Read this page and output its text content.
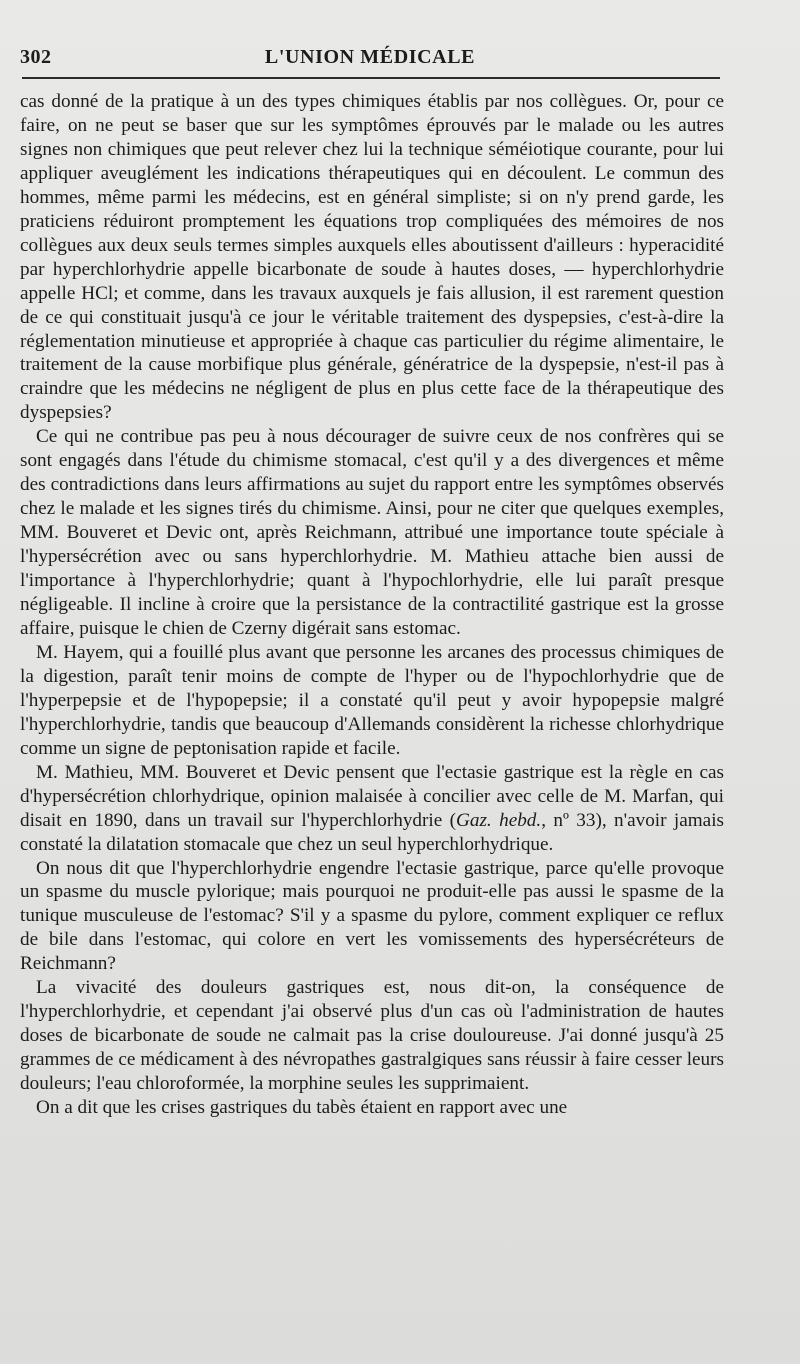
302	L'UNION MÉDICALE

cas donné de la pratique à un des types chimiques établis par nos collègues. Or, pour ce faire, on ne peut se baser que sur les symptômes éprouvés par le malade ou les autres signes non chimiques que peut relever chez lui la technique séméiotique courante, pour lui appliquer aveuglément les indications thérapeutiques qui en découlent. Le commun des hommes, même parmi les médecins, est en général simpliste; si on n'y prend garde, les praticiens réduiront promptement les équations trop compliquées des mémoires de nos collègues aux deux seuls termes simples auxquels elles aboutissent d'ailleurs : hyperacidité par hyperchlorhydrie appelle bicarbonate de soude à hautes doses, — hyperchlorhydrie appelle HCl; et comme, dans les travaux auxquels je fais allusion, il est rarement question de ce qui constituait jusqu'à ce jour le véritable traitement des dyspepsies, c'est-à-dire la réglementation minutieuse et appropriée à chaque cas particulier du régime alimentaire, le traitement de la cause morbifique plus générale, génératrice de la dyspepsie, n'est-il pas à craindre que les médecins ne négligent de plus en plus cette face de la thérapeutique des dyspepsies?

Ce qui ne contribue pas peu à nous décourager de suivre ceux de nos confrères qui se sont engagés dans l'étude du chimisme stomacal, c'est qu'il y a des divergences et même des contradictions dans leurs affirmations au sujet du rapport entre les symptômes observés chez le malade et les signes tirés du chimisme. Ainsi, pour ne citer que quelques exemples, MM. Bouveret et Devic ont, après Reichmann, attribué une importance toute spéciale à l'hypersécrétion avec ou sans hyperchlorhydrie. M. Mathieu attache bien aussi de l'importance à l'hyperchlorhydrie; quant à l'hypochlorhydrie, elle lui paraît presque négligeable. Il incline à croire que la persistance de la contractilité gastrique est la grosse affaire, puisque le chien de Czerny digérait sans estomac.

M. Hayem, qui a fouillé plus avant que personne les arcanes des processus chimiques de la digestion, paraît tenir moins de compte de l'hyper ou de l'hypochlorhydrie que de l'hyperpepsie et de l'hypopepsie; il a constaté qu'il peut y avoir hypopepsie malgré l'hyperchlorhydrie, tandis que beaucoup d'Allemands considèrent la richesse chlorhydrique comme un signe de peptonisation rapide et facile.

M. Mathieu, MM. Bouveret et Devic pensent que l'ectasie gastrique est la règle en cas d'hypersécrétion chlorhydrique, opinion malaisée à concilier avec celle de M. Marfan, qui disait en 1890, dans un travail sur l'hyperchlorhydrie (Gaz. hebd., nº 33), n'avoir jamais constaté la dilatation stomacale que chez un seul hyperchlorhydrique.

On nous dit que l'hyperchlorhydrie engendre l'ectasie gastrique, parce qu'elle provoque un spasme du muscle pylorique; mais pourquoi ne produit-elle pas aussi le spasme de la tunique musculeuse de l'estomac? S'il y a spasme du pylore, comment expliquer ce reflux de bile dans l'estomac, qui colore en vert les vomissements des hypersécréteurs de Reichmann?

La vivacité des douleurs gastriques est, nous dit-on, la conséquence de l'hyperchlorhydrie, et cependant j'ai observé plus d'un cas où l'administration de hautes doses de bicarbonate de soude ne calmait pas la crise douloureuse. J'ai donné jusqu'à 25 grammes de ce médicament à des névropathes gastralgiques sans réussir à faire cesser leurs douleurs; l'eau chloroformée, la morphine seules les supprimaient.

On a dit que les crises gastriques du tabès étaient en rapport avec une
